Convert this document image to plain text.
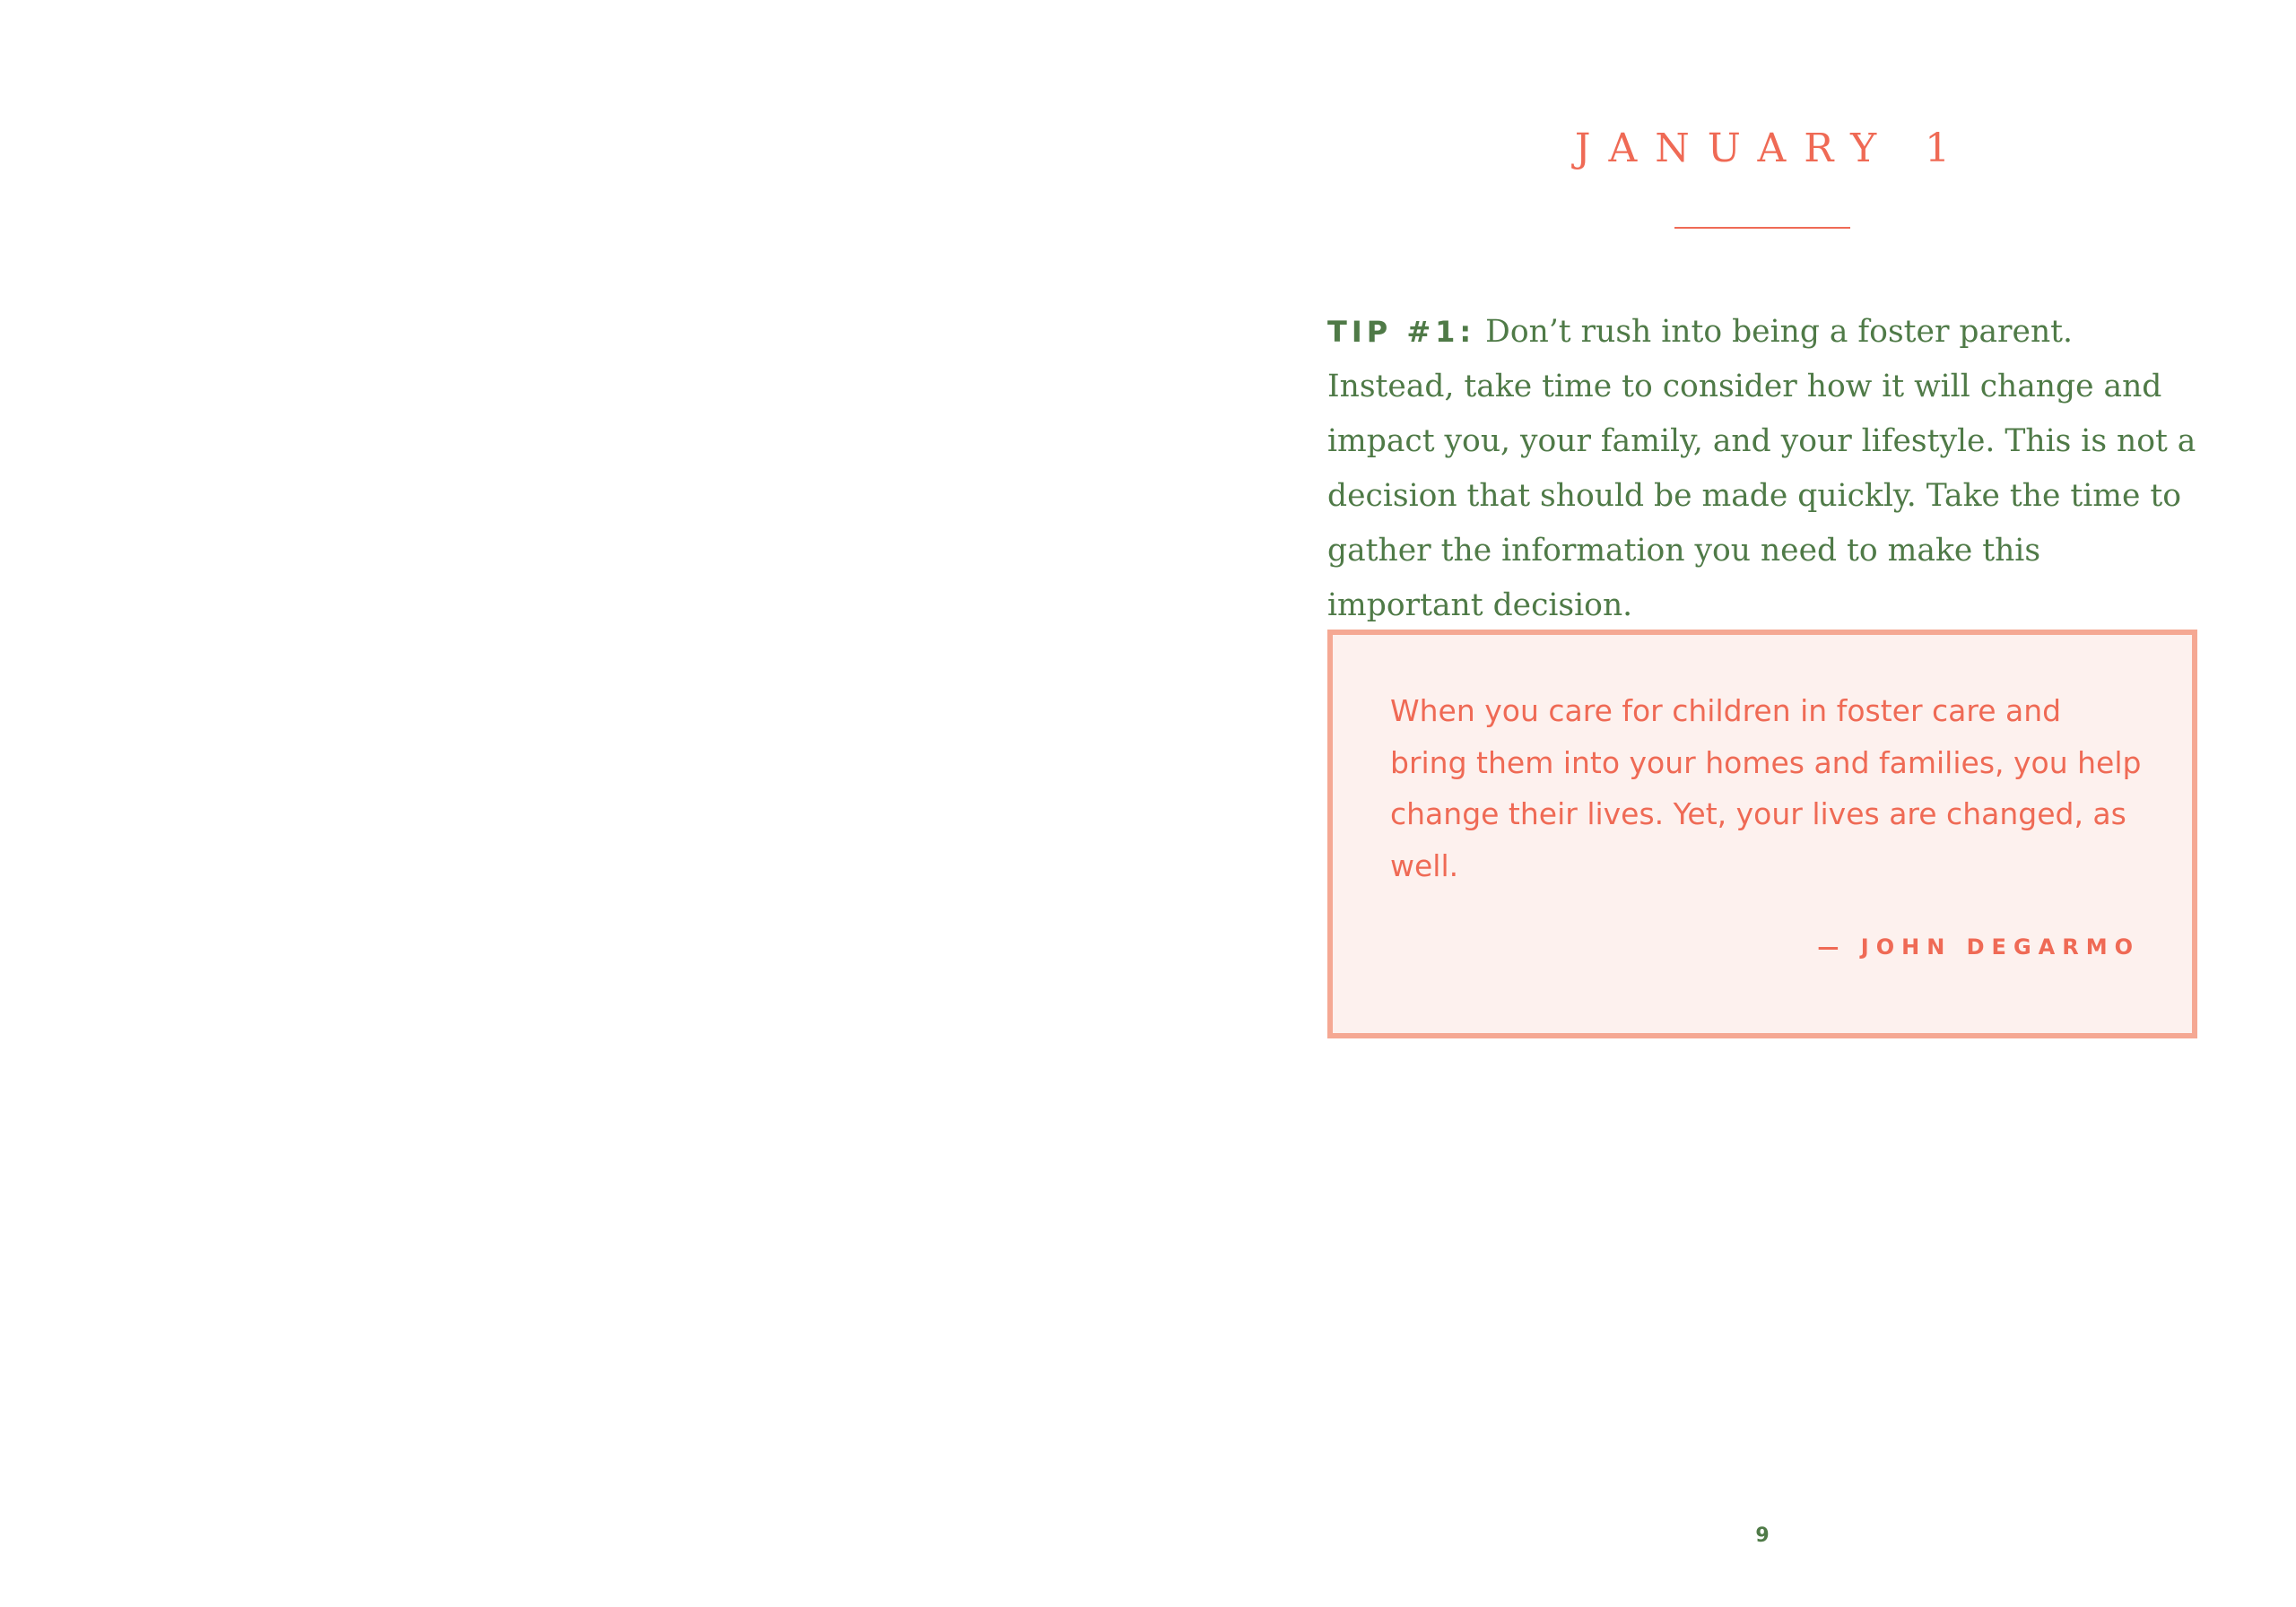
JANUARY 1

TIP #1: Don’t rush into being a foster parent. Instead, take time to consider how it will change and impact you, your family, and your lifestyle. This is not a decision that should be made quickly. Take the time to gather the information you need to make this important decision.

When you care for children in foster care and bring them into your homes and families, you help change their lives. Yet, your lives are changed, as well.

— JOHN DEGARMO
9
